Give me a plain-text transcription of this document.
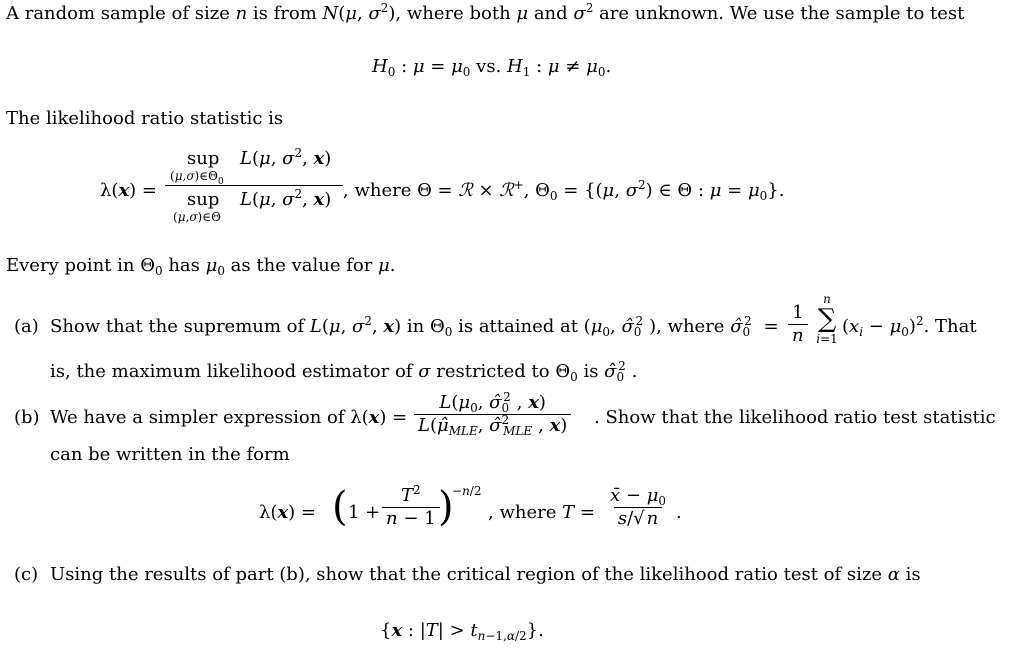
A random sample of size n is from N(μ, $\sigma^2$), where both μ and $\sigma^2$ are unknown. We use the sample to test
$H_0$ : $\mu = \mu_0$ vs. $H_1$ : $\mu \ne \mu_0$.
The likelihood ratio statistic is
λ(x) =
sup
$(\mu,\sigma)\in\Theta_0$
L(μ, $\sigma^2$, x)
sup
(μ,σ)∈Θ
L(μ, $\sigma^2$, x) , where Θ = ℛ × ℛ+, $\Theta_0 = \{(\mu$, $\sigma^2$) ∈ Θ : $\mu = \mu_0$}.
Every point in $\Theta_0$ has $\mu_0$ as the value for μ.
(a) Show that the supremum of L(μ, $\sigma^2$, x) in $\Theta_0$ is attained at ($\mu_0$, $\sigmâ_0^2$ ), where $\sigmâ_0^2 = \frac{1}{n}$
n
∑
i=1
$(x_i - \mu_0)^2$. That
is, the maximum likelihood estimator of σ restricted to $\Theta_0$ is $\sigmâ_0^2$ .
(b) We have a simpler expression of $\lambda(x) = \frac{L(\mu_0, \sigmâ_0^2 , x)}{L(\mû_{MLE}, \sigmâ^2_{MLE} , x)}$ . Show that the likelihood ratio test statistic
can be written in the form
λ(x) = ( $1 + \frac{T^2}{n - 1}$
)
−n/2
, where $T = \frac{x̄ - \mu_0}{s/√ n}$ .
(c) Using the results of part (b), show that the critical region of the likelihood ratio test of size α is
{x : $|T| > t_{n-1,\alpha/2}$}.
